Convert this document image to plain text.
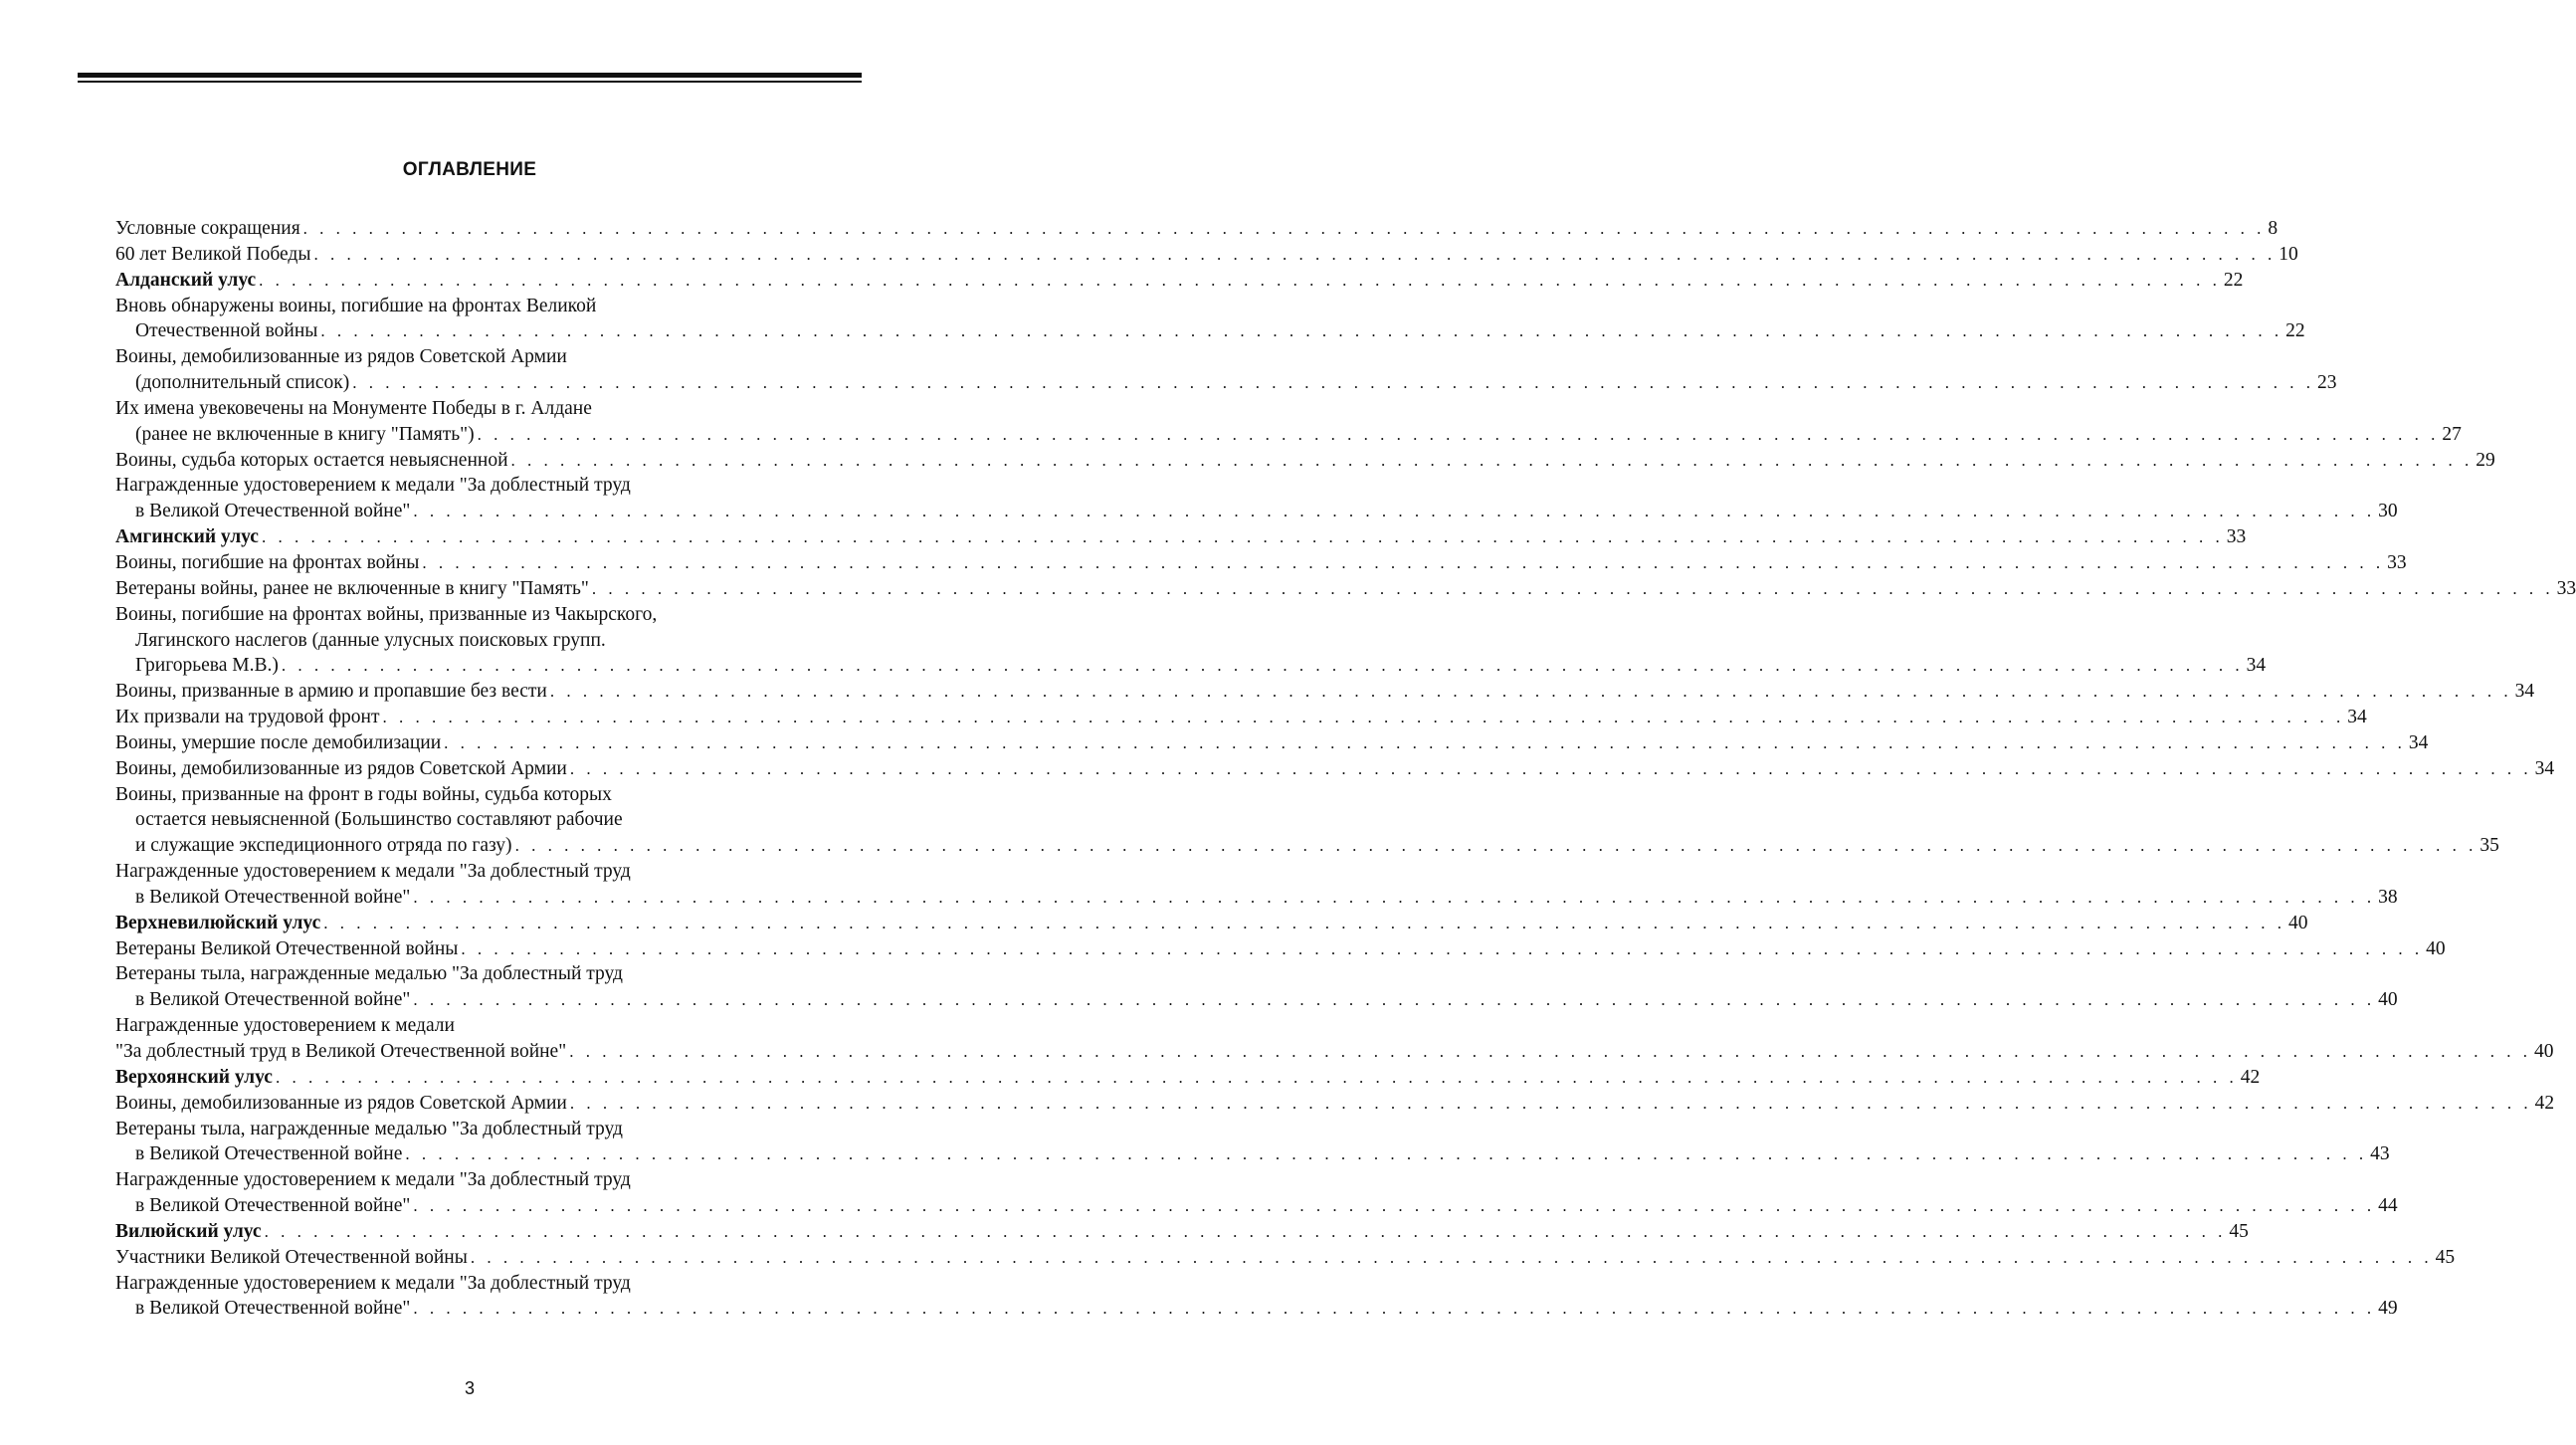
ОГЛАВЛЕНИЕ
Условные сокращения . . . . . . . . . . . . . . . . . . . . . . . . . . . . . . . . . . . . . . . . . . . . . . . . . . . . . . . . . . . . . . . . . . . . . . . . . . . . . . . . . . . . . . . . . . . . . . . . . . . . . . . . . . . . . . . . . . . . . . . . 8
60 лет Великой Победы . . . . . . . . . . . . . . . . . . . . . . . . . . . . . . . . . . . . . . . . . . . . . . . . . . . . . . . . . . . . . . . . . . . . . . . . . . . . . . . . . . . . . . . . . . . . . . . . . . . . . . . . . . . . . . . . . . . . . . . . 10
Алданский улус . . . . . . . . . . . . . . . . . . . . . . . . . . . . . . . . . . . . . . . . . . . . . . . . . . . . . . . . . . . . . . . . . . . . . . . . . . . . . . . . . . . . . . . . . . . . . . . . . . . . . . . . . . . . . . . . . . . . . . . . 22
Вновь обнаружены воины, погибшие на фронтах Великой
Отечественной войны . . . . . . . . . . . . . . . . . . . . . . . . . . . . . . . . . . . . . . . . . . . . . . . . . . . . . . . . . . . . . . . . . . . . . . . . . . . . . . . . . . . . . . . . . . . . . . . . . . . . . . . . . . . . . . . . . . . . . . . . 22
Воины, демобилизованные из рядов Советской Армии
(дополнительный список) . . . . . . . . . . . . . . . . . . . . . . . . . . . . . . . . . . . . . . . . . . . . . . . . . . . . . . . . . . . . . . . . . . . . . . . . . . . . . . . . . . . . . . . . . . . . . . . . . . . . . . . . . . . . . . . . . . . . . . . . 23
Их имена увековечены на Монументе Победы в г. Алдане
(ранее не включенные в книгу "Память") . . . . . . . . . . . . . . . . . . . . . . . . . . . . . . . . . . . . . . . . . . . . . . . . . . . . . . . . . . . . . . . . . . . . . . . . . . . . . . . . . . . . . . . . . . . . . . . . . . . . . . . . . . . . . . . . . . . . . . . . 27
Воины, судьба которых остается невыясненной . . . . . . . . . . . . . . . . . . . . . . . . . . . . . . . . . . . . . . . . . . . . . . . . . . . . . . . . . . . . . . . . . . . . . . . . . . . . . . . . . . . . . . . . . . . . . . . . . . . . . . . . . . . . . . . . . . . . . . . . 29
Награжденные удостоверением к медали "За доблестный труд
в Великой Отечественной войне" . . . . . . . . . . . . . . . . . . . . . . . . . . . . . . . . . . . . . . . . . . . . . . . . . . . . . . . . . . . . . . . . . . . . . . . . . . . . . . . . . . . . . . . . . . . . . . . . . . . . . . . . . . . . . . . . . . . . . . . . 30
Амгинский улус . . . . . . . . . . . . . . . . . . . . . . . . . . . . . . . . . . . . . . . . . . . . . . . . . . . . . . . . . . . . . . . . . . . . . . . . . . . . . . . . . . . . . . . . . . . . . . . . . . . . . . . . . . . . . . . . . . . . . . . . 33
Воины, погибшие на фронтах войны . . . . . . . . . . . . . . . . . . . . . . . . . . . . . . . . . . . . . . . . . . . . . . . . . . . . . . . . . . . . . . . . . . . . . . . . . . . . . . . . . . . . . . . . . . . . . . . . . . . . . . . . . . . . . . . . . . . . . . . . 33
Ветераны войны, ранее не включенные в книгу "Память" . . . . . . . . . . . . . . . . . . . . . . . . . . . . . . . . . . . . . . . . . . . . . . . . . . . . . . . . . . . . . . . . . . . . . . . . . . . . . . . . . . . . . . . . . . . . . . . . . . . . . . . . . . . . . . . . . . . . . . . . 33
Воины, погибшие на фронтах войны, призванные из Чакырского,
Лягинского наслегов (данные улусных поисковых групп.
Григорьева М.В.) . . . . . . . . . . . . . . . . . . . . . . . . . . . . . . . . . . . . . . . . . . . . . . . . . . . . . . . . . . . . . . . . . . . . . . . . . . . . . . . . . . . . . . . . . . . . . . . . . . . . . . . . . . . . . . . . . . . . . . . . 34
Воины, призванные в армию и пропавшие без вести . . . . . . . . . . . . . . . . . . . . . . . . . . . . . . . . . . . . . . . . . . . . . . . . . . . . . . . . . . . . . . . . . . . . . . . . . . . . . . . . . . . . . . . . . . . . . . . . . . . . . . . . . . . . . . . . . . . . . . . . 34
Их призвали на трудовой фронт . . . . . . . . . . . . . . . . . . . . . . . . . . . . . . . . . . . . . . . . . . . . . . . . . . . . . . . . . . . . . . . . . . . . . . . . . . . . . . . . . . . . . . . . . . . . . . . . . . . . . . . . . . . . . . . . . . . . . . . . 34
Воины, умершие после демобилизации . . . . . . . . . . . . . . . . . . . . . . . . . . . . . . . . . . . . . . . . . . . . . . . . . . . . . . . . . . . . . . . . . . . . . . . . . . . . . . . . . . . . . . . . . . . . . . . . . . . . . . . . . . . . . . . . . . . . . . . . 34
Воины, демобилизованные из рядов Советской Армии . . . . . . . . . . . . . . . . . . . . . . . . . . . . . . . . . . . . . . . . . . . . . . . . . . . . . . . . . . . . . . . . . . . . . . . . . . . . . . . . . . . . . . . . . . . . . . . . . . . . . . . . . . . . . . . . . . . . . . . . 34
Воины, призванные на фронт в годы войны, судьба которых
остается невыясненной (Большинство составляют рабочие
и служащие экспедиционного отряда по газу) . . . . . . . . . . . . . . . . . . . . . . . . . . . . . . . . . . . . . . . . . . . . . . . . . . . . . . . . . . . . . . . . . . . . . . . . . . . . . . . . . . . . . . . . . . . . . . . . . . . . . . . . . . . . . . . . . . . . . . . . 35
Награжденные удостоверением к медали "За доблестный труд
в Великой Отечественной войне" . . . . . . . . . . . . . . . . . . . . . . . . . . . . . . . . . . . . . . . . . . . . . . . . . . . . . . . . . . . . . . . . . . . . . . . . . . . . . . . . . . . . . . . . . . . . . . . . . . . . . . . . . . . . . . . . . . . . . . . . 38
Верхневилюйский улус . . . . . . . . . . . . . . . . . . . . . . . . . . . . . . . . . . . . . . . . . . . . . . . . . . . . . . . . . . . . . . . . . . . . . . . . . . . . . . . . . . . . . . . . . . . . . . . . . . . . . . . . . . . . . . . . . . . . . . . . 40
Ветераны Великой Отечественной войны . . . . . . . . . . . . . . . . . . . . . . . . . . . . . . . . . . . . . . . . . . . . . . . . . . . . . . . . . . . . . . . . . . . . . . . . . . . . . . . . . . . . . . . . . . . . . . . . . . . . . . . . . . . . . . . . . . . . . . . . 40
Ветераны тыла, награжденные медалью "За доблестный труд
в Великой Отечественной войне" . . . . . . . . . . . . . . . . . . . . . . . . . . . . . . . . . . . . . . . . . . . . . . . . . . . . . . . . . . . . . . . . . . . . . . . . . . . . . . . . . . . . . . . . . . . . . . . . . . . . . . . . . . . . . . . . . . . . . . . . 40
Награжденные удостоверением к медали
"За доблестный труд в Великой Отечественной войне" . . . . . . . . . . . . . . . . . . . . . . . . . . . . . . . . . . . . . . . . . . . . . . . . . . . . . . . . . . . . . . . . . . . . . . . . . . . . . . . . . . . . . . . . . . . . . . . . . . . . . . . . . . . . . . . . . . . . . . . . 40
Верхоянский улус . . . . . . . . . . . . . . . . . . . . . . . . . . . . . . . . . . . . . . . . . . . . . . . . . . . . . . . . . . . . . . . . . . . . . . . . . . . . . . . . . . . . . . . . . . . . . . . . . . . . . . . . . . . . . . . . . . . . . . . . 42
Воины, демобилизованные из рядов Советской Армии . . . . . . . . . . . . . . . . . . . . . . . . . . . . . . . . . . . . . . . . . . . . . . . . . . . . . . . . . . . . . . . . . . . . . . . . . . . . . . . . . . . . . . . . . . . . . . . . . . . . . . . . . . . . . . . . . . . . . . . . 42
Ветераны тыла, награжденные медалью "За доблестный труд
в Великой Отечественной войне . . . . . . . . . . . . . . . . . . . . . . . . . . . . . . . . . . . . . . . . . . . . . . . . . . . . . . . . . . . . . . . . . . . . . . . . . . . . . . . . . . . . . . . . . . . . . . . . . . . . . . . . . . . . . . . . . . . . . . . . 43
Награжденные удостоверением к медали "За доблестный труд
в Великой Отечественной войне" . . . . . . . . . . . . . . . . . . . . . . . . . . . . . . . . . . . . . . . . . . . . . . . . . . . . . . . . . . . . . . . . . . . . . . . . . . . . . . . . . . . . . . . . . . . . . . . . . . . . . . . . . . . . . . . . . . . . . . . . 44
Вилюйский улус . . . . . . . . . . . . . . . . . . . . . . . . . . . . . . . . . . . . . . . . . . . . . . . . . . . . . . . . . . . . . . . . . . . . . . . . . . . . . . . . . . . . . . . . . . . . . . . . . . . . . . . . . . . . . . . . . . . . . . . . 45
Участники Великой Отечественной войны . . . . . . . . . . . . . . . . . . . . . . . . . . . . . . . . . . . . . . . . . . . . . . . . . . . . . . . . . . . . . . . . . . . . . . . . . . . . . . . . . . . . . . . . . . . . . . . . . . . . . . . . . . . . . . . . . . . . . . . . 45
Награжденные удостоверением к медали "За доблестный труд
в Великой Отечественной войне" . . . . . . . . . . . . . . . . . . . . . . . . . . . . . . . . . . . . . . . . . . . . . . . . . . . . . . . . . . . . . . . . . . . . . . . . . . . . . . . . . . . . . . . . . . . . . . . . . . . . . . . . . . . . . . . . . . . . . . . . 49
3
